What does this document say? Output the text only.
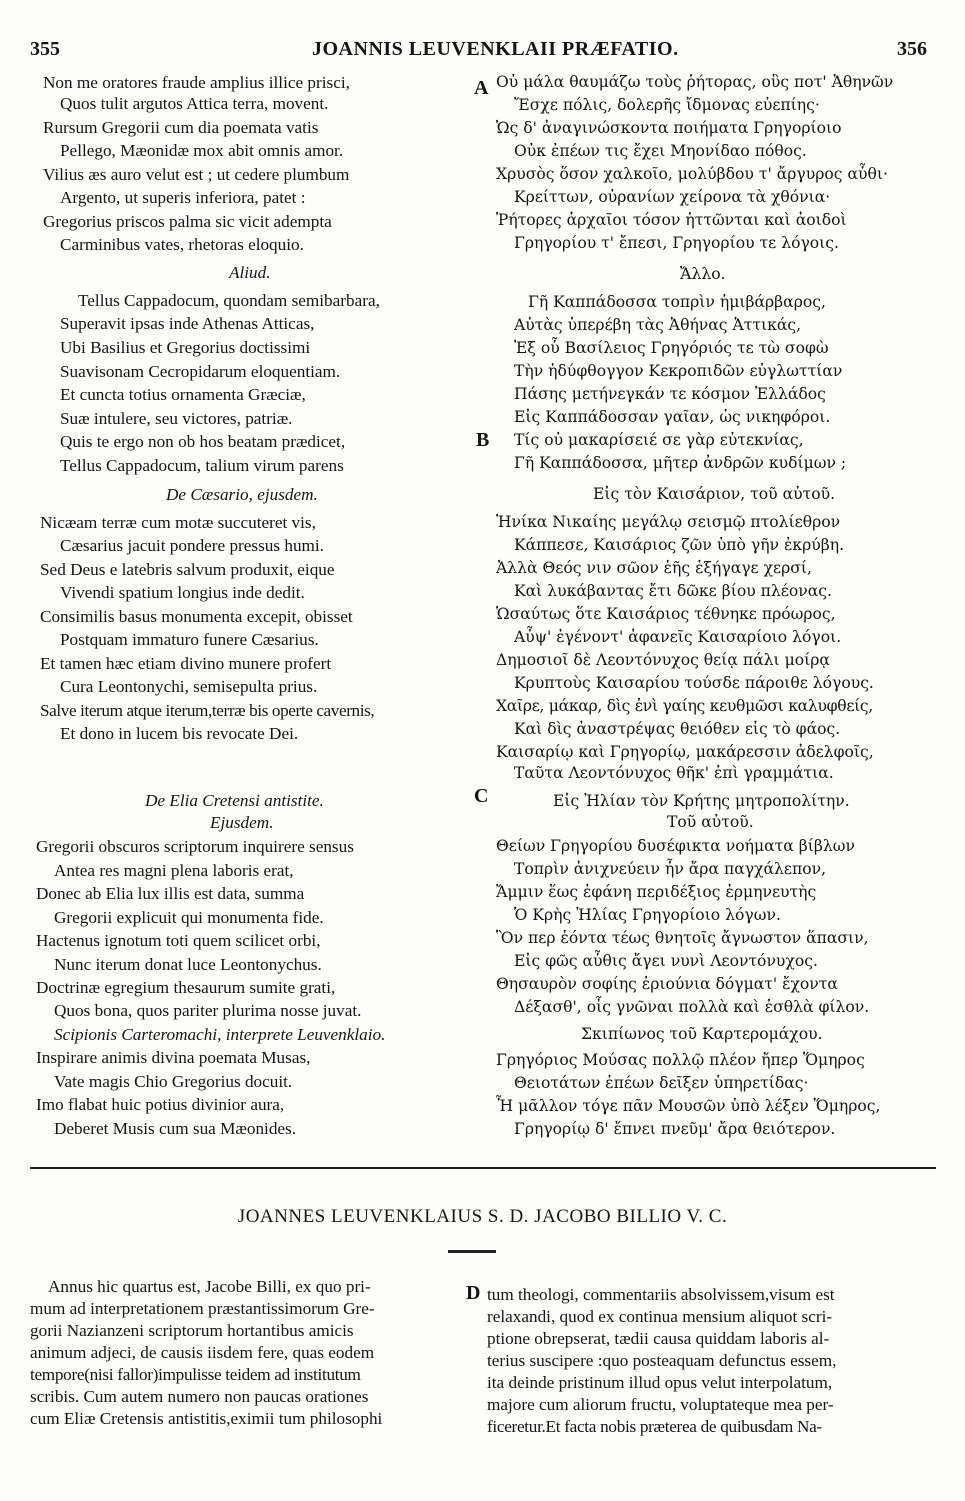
355	JOANNIS LEUVENKLAII PRÆFATIO.	356
A
B
C
D
Non me oratores fraude amplius illice prisci,
Quos tulit argutos Attica terra, movent.
Rursum Gregorii cum dia poemata vatis
Pellego, Mæonidæ mox abit omnis amor.
Vilius æs auro velut est ; ut cedere plumbum
Argento, ut superis inferiora, patet :
Gregorius priscos palma sic vicit adempta
Carminibus vates, rhetoras eloquio.
Aliud.
Tellus Cappadocum, quondam semibarbara,
Superavit ipsas inde Athenas Atticas,
Ubi Basilius et Gregorius doctissimi
Suavisonam Cecropidarum eloquentiam.
Et cuncta totius ornamenta Græciæ,
Suæ intulere, seu victores, patriæ.
Quis te ergo non ob hos beatam prædicet,
Tellus Cappadocum, talium virum parens
De Cæsario, ejusdem.
Nicæam terræ cum motæ succuteret vis,
Cæsarius jacuit pondere pressus humi.
Sed Deus e latebris salvum produxit, eique
Vivendi spatium longius inde dedit.
Consimilis basus monumenta excepit, obisset
Postquam immaturo funere Cæsarius.
Et tamen hæc etiam divino munere profert
Cura Leontonychi, semisepulta prius.
Salve iterum atque iterum,terræ bis operte cavernis,
Et dono in lucem bis revocate Dei.
De Elia Cretensi antistite.
Ejusdem.
Gregorii obscuros scriptorum inquirere sensus
Antea res magni plena laboris erat,
Donec ab Elia lux illis est data, summa
Gregorii explicuit qui monumenta fide.
Hactenus ignotum toti quem scilicet orbi,
Nunc iterum donat luce Leontonychus.
Doctrinæ egregium thesaurum sumite grati,
Quos bona, quos pariter plurima nosse juvat.
Scipionis Carteromachi, interprete Leuvenklaio.
Inspirare animis divina poemata Musas,
Vate magis Chio Gregorius docuit.
Imo flabat huic potius divinior aura,
Deberet Musis cum sua Mæonides.
Οὐ μάλα θαυμάζω τοὺς ῥήτορας, οὓς ποτ' Ἀθηνῶν
Ἔσχε πόλις, δολερῆς ἴδμονας εὐεπίης·
Ὡς δ' ἀναγινώσκοντα ποιήματα Γρηγορίοιο
Οὐκ ἐπέων τις ἔχει Μηονίδαο πόθος.
Χρυσὸς ὅσον χαλκοῖο, μολύβδου τ' ἄργυρος αὖθι·
Κρείττων, οὐρανίων χείρονα τὰ χθόνια·
Ῥήτορες ἀρχαῖοι τόσον ἡττῶνται καὶ ἀοιδοὶ
Γρηγορίου τ' ἔπεσι, Γρηγορίου τε λόγοις.
Ἄλλο.
Γῆ Καππάδοσσα τοπρὶν ἡμιβάρβαρος,
Αὐτὰς ὑπερέβη τὰς Ἀθήνας Ἀττικάς,
Ἐξ οὗ Βασίλειος Γρηγόριός τε τὼ σοφὼ
Τὴν ἡδύφθογγον Κεκροπιδῶν εὐγλωττίαν
Πάσης μετήνεγκάν τε κόσμον Ἑλλάδος
Εἰς Καππάδοσσαν γαῖαν, ὡς νικηφόροι.
Τίς οὐ μακαρίσειέ σε γὰρ εὐτεκνίας,
Γῆ Καππάδοσσα, μῆτερ ἀνδρῶν κυδίμων ;
Εἰς τὸν Καισάριον, τοῦ αὐτοῦ.
Ἡνίκα Νικαίης μεγάλῳ σεισμῷ πτολίεθρον
Κάππεσε, Καισάριος ζῶν ὑπὸ γῆν ἐκρύβη.
Ἀλλὰ Θεός νιν σῶον ἑῆς ἐξήγαγε χερσί,
Καὶ λυκάβαντας ἔτι δῶκε βίου πλέονας.
Ὡσαύτως ὅτε Καισάριος τέθνηκε πρόωρος,
Αὖψ' ἐγένοντ' ἀφανεῖς Καισαρίοιο λόγοι.
Δημοσιοῖ δὲ Λεοντόνυχος θείᾳ πάλι μοίρᾳ
Κρυπτοὺς Καισαρίου τούσδε πάροιθε λόγους.
Χαῖρε, μάκαρ, δὶς ἐνὶ γαίης κευθμῶσι καλυφθείς,
Καὶ δὶς ἀναστρέψας θειόθεν εἰς τὸ φάος.
Καισαρίῳ καὶ Γρηγορίῳ, μακάρεσσιν ἀδελφοῖς,
Ταῦτα Λεοντόνυχος θῆκ' ἐπὶ γραμμάτια.
Εἰς Ἠλίαν τὸν Κρήτης μητροπολίτην.
Τοῦ αὐτοῦ.
Θείων Γρηγορίου δυσέφικτα νοήματα βίβλων
Τοπρὶν ἀνιχνεύειν ἦν ἄρα παγχάλεπον,
Ἄμμιν ἕως ἐφάνη περιδέξιος ἑρμηνευτὴς
Ὁ Κρὴς Ἠλίας Γρηγορίοιο λόγων.
Ὃν περ ἐόντα τέως θνητοῖς ἄγνωστον ἅπασιν,
Εἰς φῶς αὖθις ἄγει νυνὶ Λεοντόνυχος.
Θησαυρὸν σοφίης ἐριούνια δόγματ' ἔχοντα
Δέξασθ', οἷς γνῶναι πολλὰ καὶ ἐσθλὰ φίλον.
Σκιπίωνος τοῦ Καρτερομάχου.
Γρηγόριος Μούσας πολλῷ πλέον ἤπερ Ὅμηρος
Θειοτάτων ἐπέων δεῖξεν ὑπηρετίδας·
Ἦ μᾶλλον τόγε πᾶν Μουσῶν ὑπὸ λέξεν Ὅμηρος,
Γρηγορίῳ δ' ἔπνει πνεῦμ' ἄρα θειότερον.
JOANNES LEUVENKLAIUS S. D. JACOBO BILLIO V. C.
Annus hic quartus est, Jacobe Billi, ex quo pri-
mum ad interpretationem præstantissimorum Gre-
gorii Nazianzeni scriptorum hortantibus amicis
animum adjeci, de causis iisdem fere, quas eodem
tempore(nisi fallor)impulisse teidem ad institutum
scribis. Cum autem numero non paucas orationes
cum Eliæ Cretensis antistitis,eximii tum philosophi
tum theologi, commentariis absolvissem,visum est
relaxandi, quod ex continua mensium aliquot scri-
ptione obrepserat, tædii causa quiddam laboris al-
terius suscipere :quo posteaquam defunctus essem,
ita deinde pristinum illud opus velut interpolatum,
majore cum aliorum fructu, voluptateque mea per-
ficeretur.Et facta nobis præterea de quibusdam Na-
